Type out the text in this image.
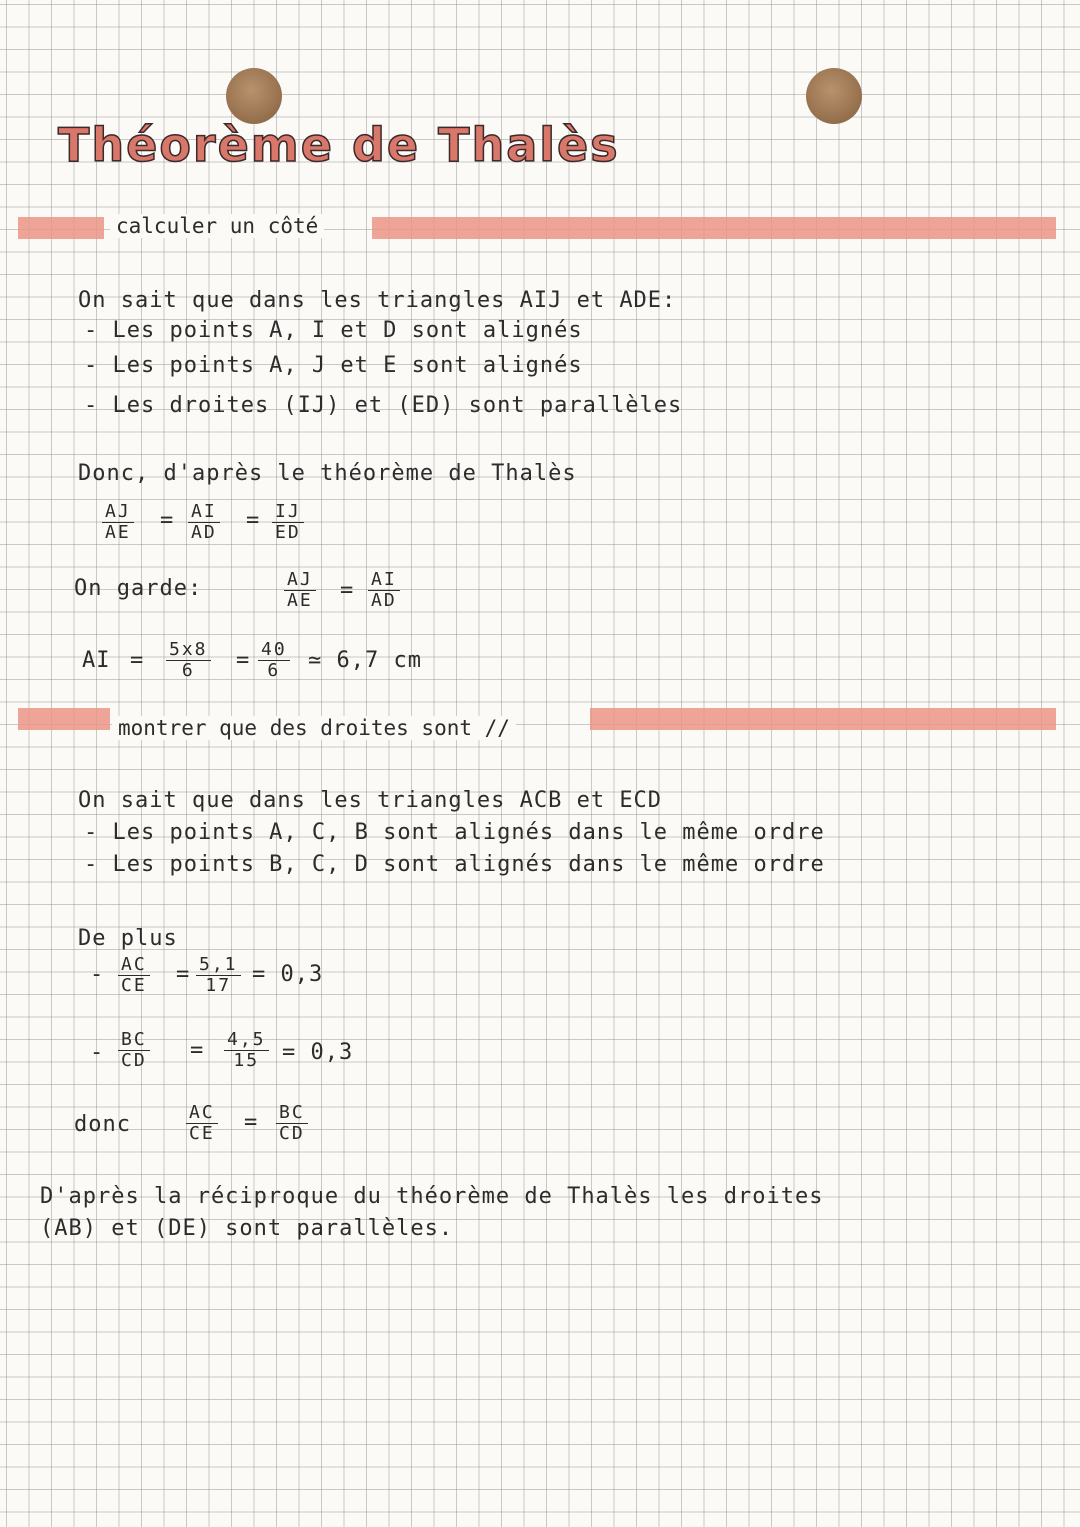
Théorème de Thalès
calculer un côté

On sait que dans les triangles AIJ et ADE:

- Les points A, I et D sont alignés

- Les points A, J et E sont alignés

- Les droites (IJ) et (ED) sont parallèles

Donc, d'après le théorème de Thalès

$\frac{AJ}{AE} = \frac{AI}{AD} = \frac{IJ}{ED}$

On garde:	$\frac{AJ}{AE} = \frac{AI}{AD}$
AI = $\frac{5x8}{6} = \frac{40}{6}$ ≃ 6,7 cm
montrer que des droites sont //

On sait que dans les triangles ACB et ECD

- Les points A, C, B sont alignés dans le même ordre

- Les points B, C, D sont alignés dans le même ordre

De plus

- $\frac{AC}{CE} = \frac{5,1}{17} = 0,3$
- $\frac{BC}{CD} = \frac{4,5}{15} = 0,3$
donc	$\frac{AC}{CE} = \frac{BC}{CD}$

D'après la réciproque du théorème de Thalès les droites

(AB) et (DE) sont parallèles.
